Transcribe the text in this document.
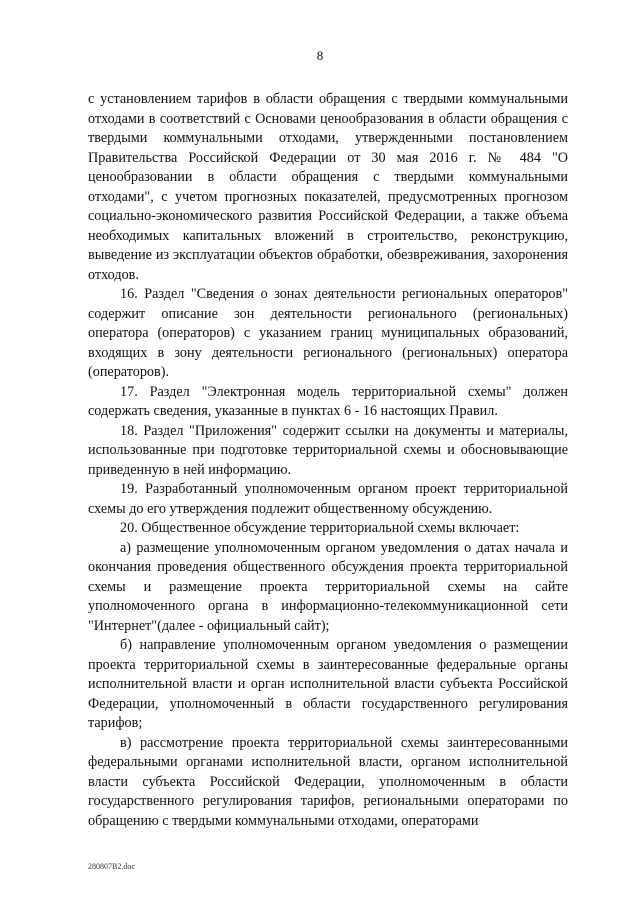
8

с установлением тарифов в области обращения с твердыми коммунальными отходами в соответствий с Основами ценообразования в области обращения с твердыми коммунальными отходами, утвержденными постановлением Правительства Российской Федерации от 30 мая 2016 г. № 484 "О ценообразовании в области обращения с твердыми коммунальными отходами", с учетом прогнозных показателей, предусмотренных прогнозом социально-экономического развития Российской Федерации, а также объема необходимых капитальных вложений в строительство, реконструкцию, выведение из эксплуатации объектов обработки, обезвреживания, захоронения отходов.

16. Раздел "Сведения о зонах деятельности региональных операторов" содержит описание зон деятельности регионального (региональных) оператора (операторов) с указанием границ муниципальных образований, входящих в зону деятельности регионального (региональных) оператора (операторов).

17. Раздел "Электронная модель территориальной схемы" должен содержать сведения, указанные в пунктах 6 - 16 настоящих Правил.

18. Раздел "Приложения" содержит ссылки на документы и материалы, использованные при подготовке территориальной схемы и обосновывающие приведенную в ней информацию.

19. Разработанный уполномоченным органом проект территориальной схемы до его утверждения подлежит общественному обсуждению.

20. Общественное обсуждение территориальной схемы включает:

а) размещение уполномоченным органом уведомления о датах начала и окончания проведения общественного обсуждения проекта территориальной схемы и размещение проекта территориальной схемы на сайте уполномоченного органа в информационно-телекоммуникационной сети "Интернет"(далее - официальный сайт);

б) направление уполномоченным органом уведомления о размещении проекта территориальной схемы в заинтересованные федеральные органы исполнительной власти и орган исполнительной власти субъекта Российской Федерации, уполномоченный в области государственного регулирования тарифов;

в) рассмотрение проекта территориальной схемы заинтересованными федеральными органами исполнительной власти, органом исполнительной власти субъекта Российской Федерации, уполномоченным в области государственного регулирования тарифов, региональными операторами по обращению с твердыми коммунальными отходами, операторами

280807B2.doc
